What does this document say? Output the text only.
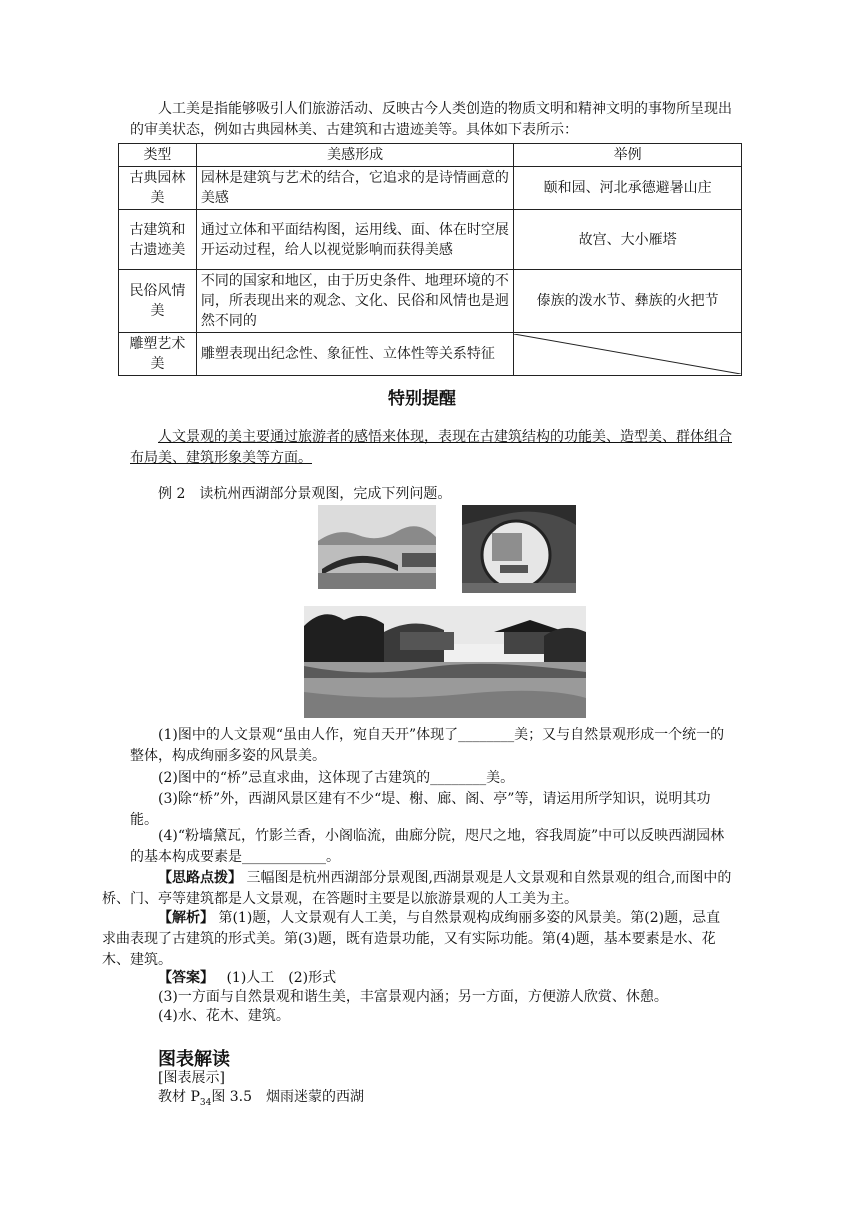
人工美是指能够吸引人们旅游活动、反映古今人类创造的物质文明和精神文明的事物所呈现出的审美状态，例如古典园林美、古建筑和古遗迹美等。具体如下表所示：
类型	美感形成	举例
古典园林美	园林是建筑与艺术的结合，它追求的是诗情画意的美感	颐和园、河北承德避暑山庄
古建筑和古遗迹美	通过立体和平面结构图，运用线、面、体在时空展开运动过程，给人以视觉影响而获得美感	故宫、大小雁塔
民俗风情美	不同的国家和地区，由于历史条件、地理环境的不同，所表现出来的观念、文化、民俗和风情也是迥然不同的	傣族的泼水节、彝族的火把节
雕塑艺术美	雕塑表现出纪念性、象征性、立体性等关系特征	
特别提醒
人文景观的美主要通过旅游者的感悟来体现，表现在古建筑结构的功能美、造型美、群体组合布局美、建筑形象美等方面。
例 2　读杭州西湖部分景观图，完成下列问题。
(1)图中的人文景观“虽由人作，宛自天开”体现了________美；又与自然景观形成一个统一的整体，构成绚丽多姿的风景美。
(2)图中的“桥”忌直求曲，这体现了古建筑的________美。
(3)除“桥”外，西湖风景区建有不少“堤、榭、廊、阁、亭”等，请运用所学知识，说明其功能。
(4)“粉墙黛瓦，竹影兰香，小阁临流，曲廊分院，咫尺之地，容我周旋”中可以反映西湖园林的基本构成要素是____________。
【思路点拨】 三幅图是杭州西湖部分景观图,西湖景观是人文景观和自然景观的组合,而图中的桥、门、亭等建筑都是人文景观，在答题时主要是以旅游景观的人工美为主。
【解析】 第(1)题，人文景观有人工美，与自然景观构成绚丽多姿的风景美。第(2)题，忌直求曲表现了古建筑的形式美。第(3)题，既有造景功能，又有实际功能。第(4)题，基本要素是水、花木、建筑。
【答案】 (1)人工　(2)形式
(3)一方面与自然景观和谐生美，丰富景观内涵；另一方面，方便游人欣赏、休憩。
(4)水、花木、建筑。
图表解读
[图表展示]
教材 $P_{34}$图 3.5　烟雨迷蒙的西湖
